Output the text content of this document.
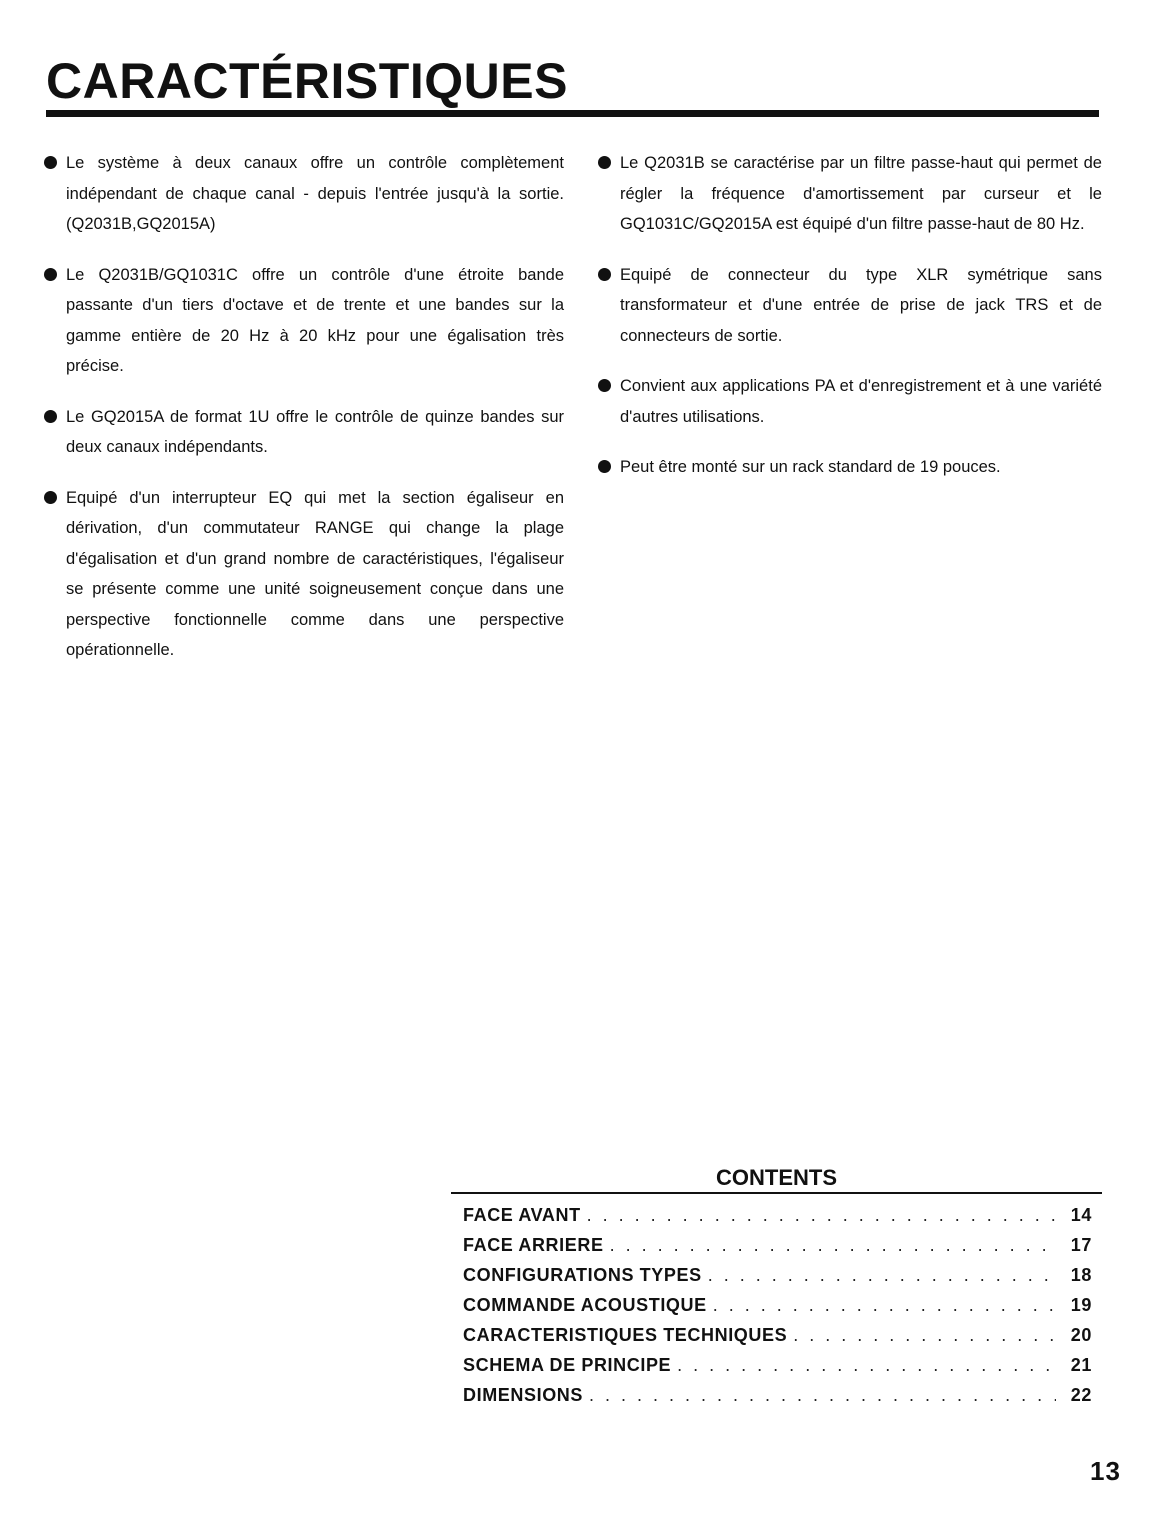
CARACTÉRISTIQUES
Le système à deux canaux offre un contrôle complètement indépendant de chaque canal - depuis l'entrée jusqu'à la sortie. (Q2031B,GQ2015A)
Le Q2031B/GQ1031C offre un contrôle d'une étroite bande passante d'un tiers d'octave et de trente et une bandes sur la gamme entière de 20 Hz à 20 kHz pour une égalisation très précise.
Le GQ2015A de format 1U offre le contrôle de quinze bandes sur deux canaux indépendants.
Equipé d'un interrupteur EQ qui met la section égaliseur en dérivation, d'un commutateur RANGE qui change la plage d'égalisation et d'un grand nombre de caractéristiques, l'égaliseur se présente comme une unité soigneusement conçue dans une perspective fonctionnelle comme dans une perspective opérationnelle.
Le Q2031B se caractérise par un filtre passe-haut qui permet de régler la fréquence d'amortissement par curseur et le GQ1031C/GQ2015A est équipé d'un filtre passe-haut de 80 Hz.
Equipé de connecteur du type XLR symétrique sans transformateur et d'une entrée de prise de jack TRS et de connecteurs de sortie.
Convient aux applications PA et d'enregistrement et à une variété d'autres utilisations.
Peut être monté sur un rack standard de 19 pouces.
CONTENTS
FACE AVANT . . .	14
FACE ARRIERE . . .	17
CONFIGURATIONS TYPES . . .	18
COMMANDE ACOUSTIQUE . . .	19
CARACTERISTIQUES TECHNIQUES . . .	20
SCHEMA DE PRINCIPE . . .	21
DIMENSIONS . . .	22
13
